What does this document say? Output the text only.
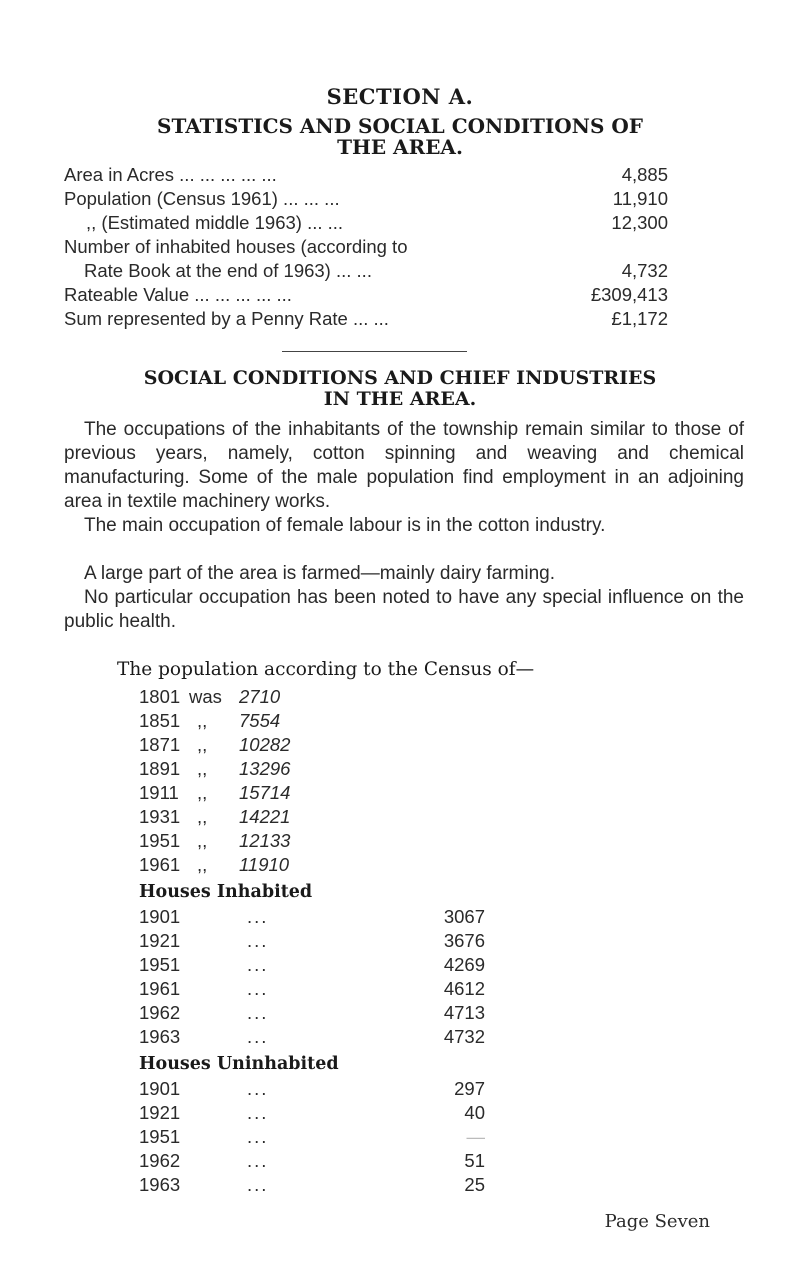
SECTION A.
STATISTICS AND SOCIAL CONDITIONS OF
THE AREA.
Area in Acres ... ... ... ... ...	4,885
Population (Census 1961) ... ... ...	11,910
,, (Estimated middle 1963) ... ...	12,300
Number of inhabited houses (according to
Rate Book at the end of 1963) ... ...	4,732
Rateable Value ... ... ... ... ...	£309,413
Sum represented by a Penny Rate ... ...	£1,172
SOCIAL CONDITIONS AND CHIEF INDUSTRIES
IN THE AREA.

The occupations of the inhabitants of the township remain similar to those of previous years, namely, cotton spinning and weaving and chemical manufacturing. Some of the male population find employment in an adjoining area in textile machinery works.

The main occupation of female labour is in the cotton industry.

A large part of the area is farmed—mainly dairy farming.

No particular occupation has been noted to have any special influence on the public health.

The population according to the Census of—
1801 was 2710
1851 ,, 7554
1871 ,, 10282
1891 ,, 13296
1911 ,, 15714
1931 ,, 14221
1951 ,, 12133
1961 ,, 11910
Houses Inhabited
1901	...	3067
1921	...	3676
1951	...	4269
1961	...	4612
1962	...	4713
1963	...	4732
Houses Uninhabited
1901	...	297
1921	...	40
1951	...	—
1962	...	51
1963	...	25
Page Seven
